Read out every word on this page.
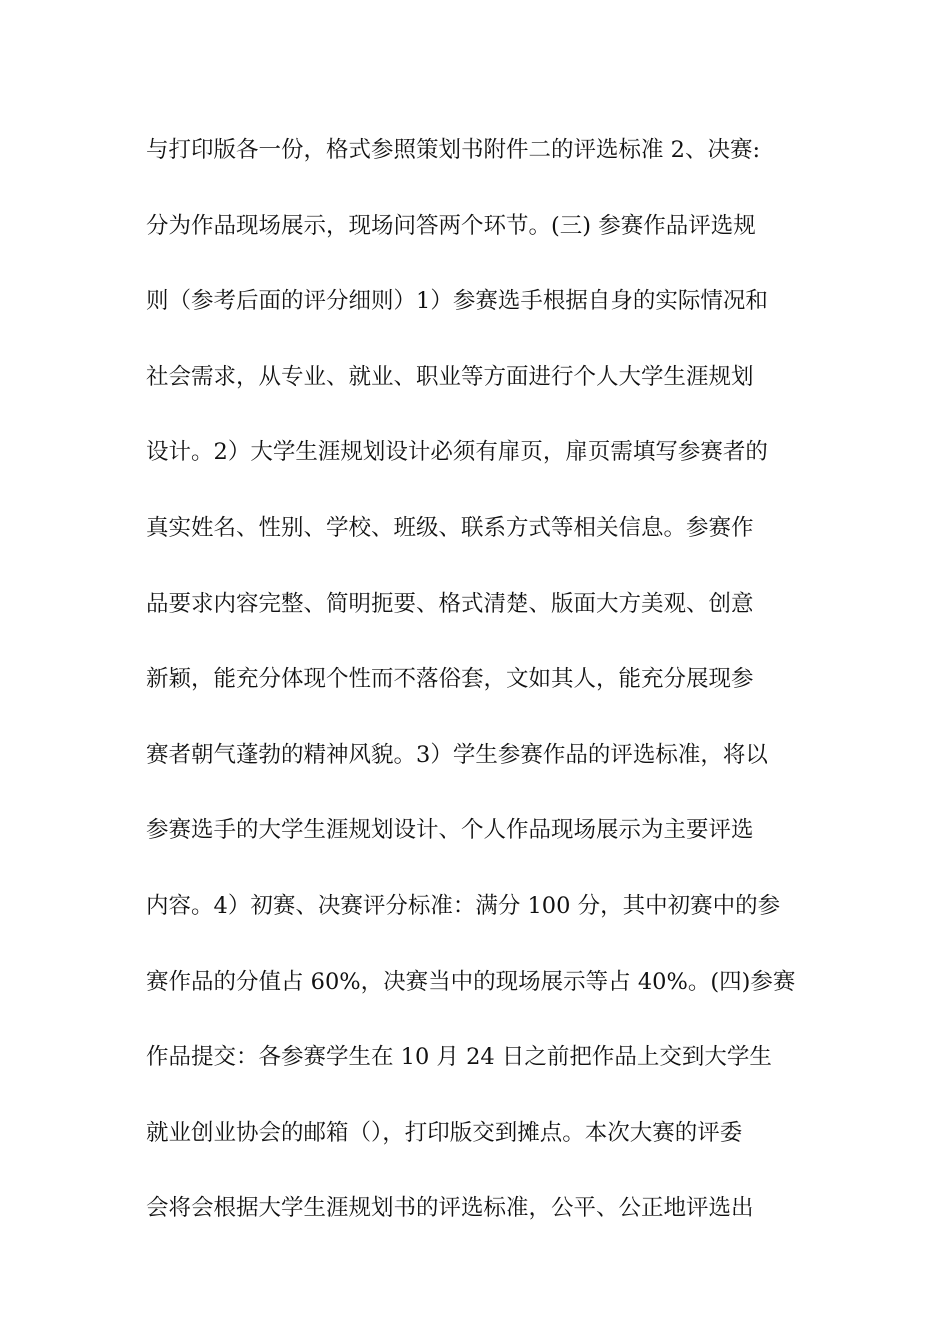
与打印版各一份，格式参照策划书附件二的评选标准 2、决赛:
分为作品现场展示，现场问答两个环节。(三) 参赛作品评选规
则（参考后面的评分细则）1）参赛选手根据自身的实际情况和
社会需求，从专业、就业、职业等方面进行个人大学生涯规划
设计。2）大学生涯规划设计必须有扉页，扉页需填写参赛者的
真实姓名、性别、学校、班级、联系方式等相关信息。参赛作
品要求内容完整、简明扼要、格式清楚、版面大方美观、创意
新颖，能充分体现个性而不落俗套，文如其人，能充分展现参
赛者朝气蓬勃的精神风貌。3）学生参赛作品的评选标准，将以
参赛选手的大学生涯规划设计、个人作品现场展示为主要评选
内容。4）初赛、决赛评分标准：满分 100 分，其中初赛中的参
赛作品的分值占 60%，决赛当中的现场展示等占 40%。(四)参赛
作品提交：各参赛学生在 10 月 24 日之前把作品上交到大学生
就业创业协会的邮箱（），打印版交到摊点。本次大赛的评委
会将会根据大学生涯规划书的评选标准，公平、公正地评选出
